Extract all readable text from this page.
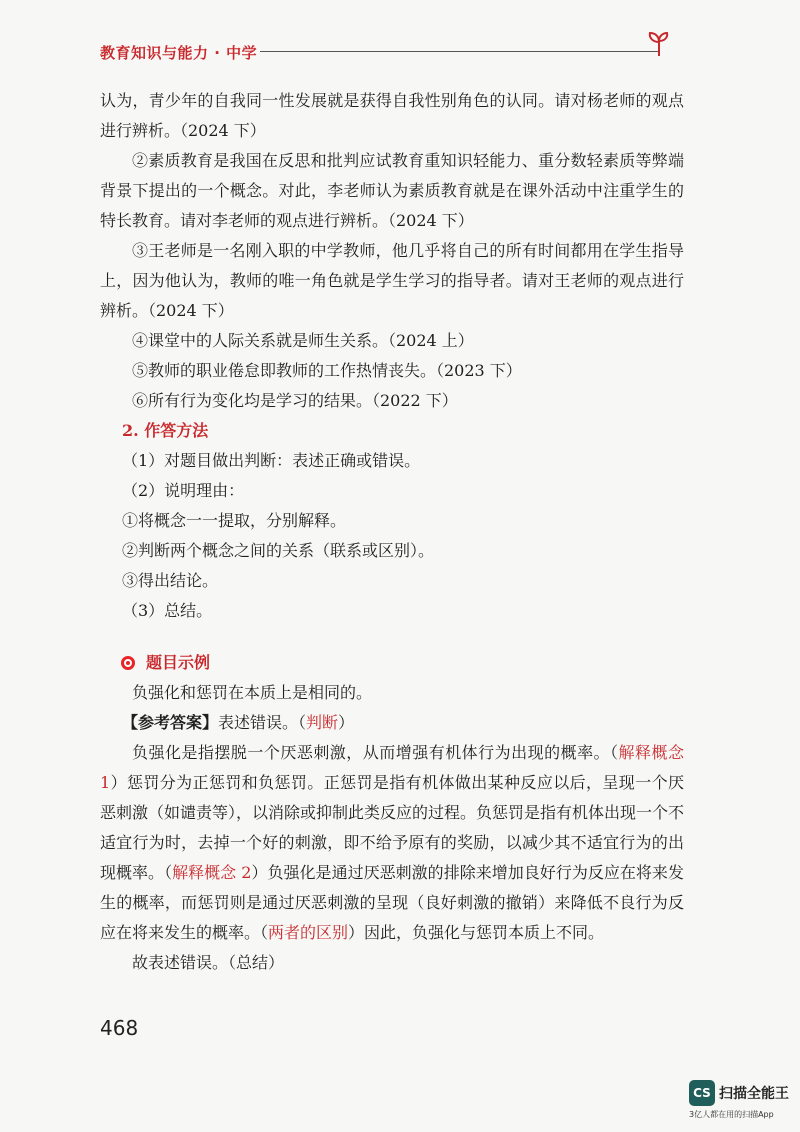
教育知识与能力 · 中学

认为，青少年的自我同一性发展就是获得自我性别角色的认同。请对杨老师的观点进行辨析。（2024 下）

②素质教育是我国在反思和批判应试教育重知识轻能力、重分数轻素质等弊端背景下提出的一个概念。对此，李老师认为素质教育就是在课外活动中注重学生的特长教育。请对李老师的观点进行辨析。（2024 下）

③王老师是一名刚入职的中学教师，他几乎将自己的所有时间都用在学生指导上，因为他认为，教师的唯一角色就是学生学习的指导者。请对王老师的观点进行辨析。（2024 下）

④课堂中的人际关系就是师生关系。（2024 上）

⑤教师的职业倦怠即教师的工作热情丧失。（2023 下）

⑥所有行为变化均是学习的结果。（2022 下）

2. 作答方法

（1）对题目做出判断：表述正确或错误。

（2）说明理由：

①将概念一一提取，分别解释。

②判断两个概念之间的关系（联系或区别）。

③得出结论。

（3）总结。

题目示例

负强化和惩罚在本质上是相同的。

【参考答案】表述错误。（判断）

负强化是指摆脱一个厌恶刺激，从而增强有机体行为出现的概率。（解释概念 1）惩罚分为正惩罚和负惩罚。正惩罚是指有机体做出某种反应以后，呈现一个厌恶刺激（如谴责等），以消除或抑制此类反应的过程。负惩罚是指有机体出现一个不适宜行为时，去掉一个好的刺激，即不给予原有的奖励，以减少其不适宜行为的出现概率。（解释概念 2）负强化是通过厌恶刺激的排除来增加良好行为反应在将来发生的概率，而惩罚则是通过厌恶刺激的呈现（良好刺激的撤销）来降低不良行为反应在将来发生的概率。（两者的区别）因此，负强化与惩罚本质上不同。

故表述错误。（总结）

468
CS 扫描全能王
3亿人都在用的扫描App
